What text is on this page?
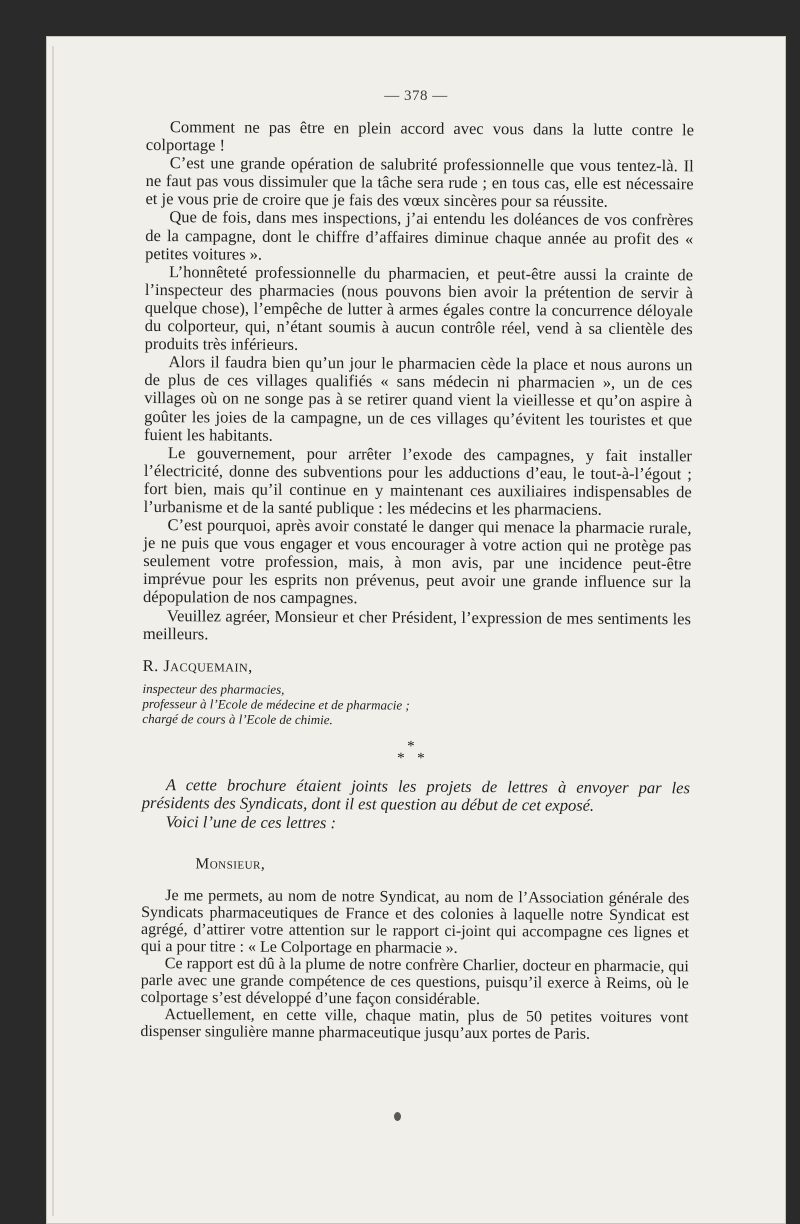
— 378 —

Comment ne pas être en plein accord avec vous dans la lutte contre le colportage !

C’est une grande opération de salubrité professionnelle que vous tentez-là. Il ne faut pas vous dissimuler que la tâche sera rude ; en tous cas, elle est nécessaire et je vous prie de croire que je fais des vœux sincères pour sa réussite.

Que de fois, dans mes inspections, j’ai entendu les doléances de vos confrères de la campagne, dont le chiffre d’affaires diminue chaque année au profit des « petites voitures ».

L’honnêteté professionnelle du pharmacien, et peut-être aussi la crainte de l’inspecteur des pharmacies (nous pouvons bien avoir la prétention de servir à quelque chose), l’empêche de lutter à armes égales contre la concurrence déloyale du colporteur, qui, n’étant soumis à aucun contrôle réel, vend à sa clientèle des produits très inférieurs.

Alors il faudra bien qu’un jour le pharmacien cède la place et nous aurons un de plus de ces villages qualifiés « sans médecin ni pharmacien », un de ces villages où on ne songe pas à se retirer quand vient la vieillesse et qu’on aspire à goûter les joies de la campagne, un de ces villages qu’évitent les touristes et que fuient les habitants.

Le gouvernement, pour arrêter l’exode des campagnes, y fait installer l’électricité, donne des subventions pour les adductions d’eau, le tout-à-l’égout ; fort bien, mais qu’il continue en y maintenant ces auxiliaires indispensables de l’urbanisme et de la santé publique : les médecins et les pharmaciens.

C’est pourquoi, après avoir constaté le danger qui menace la pharmacie rurale, je ne puis que vous engager et vous encourager à votre action qui ne protège pas seulement votre profession, mais, à mon avis, par une incidence peut-être imprévue pour les esprits non prévenus, peut avoir une grande influence sur la dépopulation de nos campagnes.

Veuillez agréer, Monsieur et cher Président, l’expression de mes sentiments les meilleurs.

R. Jacquemain,

inspecteur des pharmacies,

professeur à l’Ecole de médecine et de pharmacie ;

chargé de cours à l’Ecole de chimie.

*
* *

A cette brochure étaient joints les projets de lettres à envoyer par les présidents des Syndicats, dont il est question au début de cet exposé.

Voici l’une de ces lettres :

Monsieur,

Je me permets, au nom de notre Syndicat, au nom de l’Association générale des Syndicats pharmaceutiques de France et des colonies à laquelle notre Syndicat est agrégé, d’attirer votre attention sur le rapport ci-joint qui accompagne ces lignes et qui a pour titre : « Le Colportage en pharmacie ».

Ce rapport est dû à la plume de notre confrère Charlier, docteur en pharmacie, qui parle avec une grande compétence de ces questions, puisqu’il exerce à Reims, où le colportage s’est développé d’une façon considérable.

Actuellement, en cette ville, chaque matin, plus de 50 petites voitures vont dispenser singulière manne pharmaceutique jusqu’aux portes de Paris.
